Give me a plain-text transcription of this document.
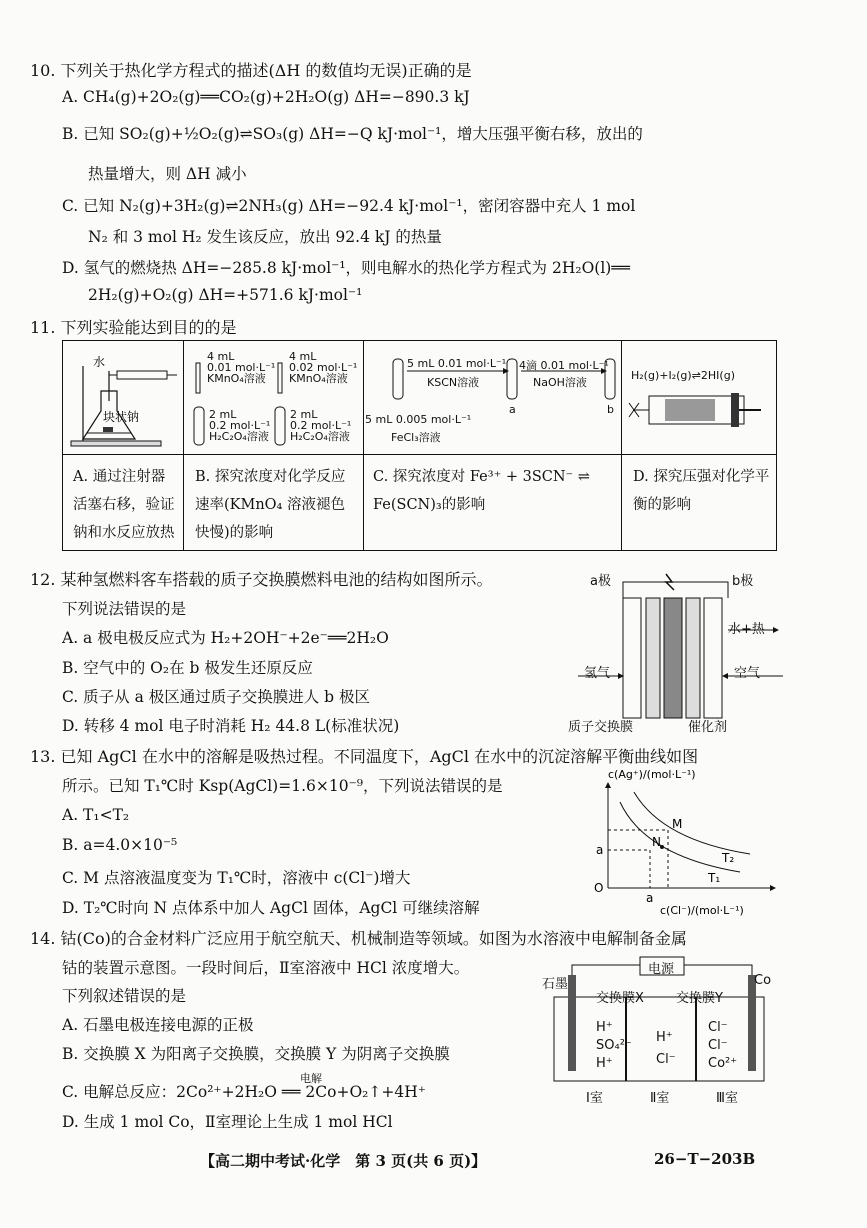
10. 下列关于热化学方程式的描述(ΔH 的数值均无误)正确的是
A. CH₄(g)+2O₂(g)══CO₂(g)+2H₂O(g) ΔH=−890.3 kJ
B. 已知 SO₂(g)+½O₂(g)⇌SO₃(g) ΔH=−Q kJ·mol⁻¹，增大压强平衡右移，放出的
热量增大，则 ΔH 减小
C. 已知 N₂(g)+3H₂(g)⇌2NH₃(g) ΔH=−92.4 kJ·mol⁻¹，密闭容器中充人 1 mol
N₂ 和 3 mol H₂ 发生该反应，放出 92.4 kJ 的热量
D. 氢气的燃烧热 ΔH=−285.8 kJ·mol⁻¹，则电解水的热化学方程式为 2H₂O(l)══
2H₂(g)+O₂(g) ΔH=+571.6 kJ·mol⁻¹
11. 下列实验能达到目的的是
水
块状钠
4 mL
0.01 mol·L⁻¹
KMnO₄溶液
4 mL
0.02 mol·L⁻¹
KMnO₄溶液
2 mL
0.2 mol·L⁻¹
H₂C₂O₄溶液
2 mL
0.2 mol·L⁻¹
H₂C₂O₄溶液
5 mL 0.01 mol·L⁻¹
KSCN溶液
4滴 0.01 mol·L⁻¹
NaOH溶液
5 mL 0.005 mol·L⁻¹
FeCl₃溶液
a	b
H₂(g)+I₂(g)⇌2HI(g)
A. 通过注射器活塞右移，验证钠和水反应放热
B. 探究浓度对化学反应速率(KMnO₄ 溶液褪色快慢)的影响
C. 探究浓度对 Fe³⁺ + 3SCN⁻ ⇌ Fe(SCN)₃的影响
D. 探究压强对化学平衡的影响
12. 某种氢燃料客车搭载的质子交换膜燃料电池的结构如图所示。
下列说法错误的是
A. a 极电极反应式为 H₂+2OH⁻+2e⁻══2H₂O
B. 空气中的 O₂在 b 极发生还原反应
C. 质子从 a 极区通过质子交换膜进人 b 极区
D. 转移 4 mol 电子时消耗 H₂ 44.8 L(标准状况)
a极	b极
水+热
氢气	空气
质子交换膜	催化剂
13. 已知 AgCl 在水中的溶解是吸热过程。不同温度下，AgCl 在水中的沉淀溶解平衡曲线如图
所示。已知 T₁℃时 Ksp(AgCl)=1.6×10⁻⁹，下列说法错误的是
A. T₁<T₂
B. a=4.0×10⁻⁵
C. M 点溶液温度变为 T₁℃时，溶液中 c(Cl⁻)增大
D. T₂℃时向 N 点体系中加人 AgCl 固体，AgCl 可继续溶解
O
a
a
M
N
T₂
T₁
c(Ag⁺)/(mol·L⁻¹)
c(Cl⁻)/(mol·L⁻¹)
14. 钴(Co)的合金材料广泛应用于航空航天、机械制造等领域。如图为水溶液中电解制备金属
钴的装置示意图。一段时间后，Ⅱ室溶液中 HCl 浓度增大。
下列叙述错误的是
A. 石墨电极连接电源的正极
B. 交换膜 X 为阳离子交换膜，交换膜 Y 为阴离子交换膜
C. 电解总反应：2Co²⁺+2H₂O ══ 2Co+O₂↑+4H⁺
电解
D. 生成 1 mol Co，Ⅱ室理论上生成 1 mol HCl
电源
石墨	Co
交换膜X 交换膜Y
H⁺
SO₄²⁻
H⁺
H⁺
Cl⁻
Cl⁻
Cl⁻
Co²⁺
Ⅰ室	Ⅱ室	Ⅲ室
【高二期中考试·化学　第 3 页(共 6 页)】	26−T−203B
